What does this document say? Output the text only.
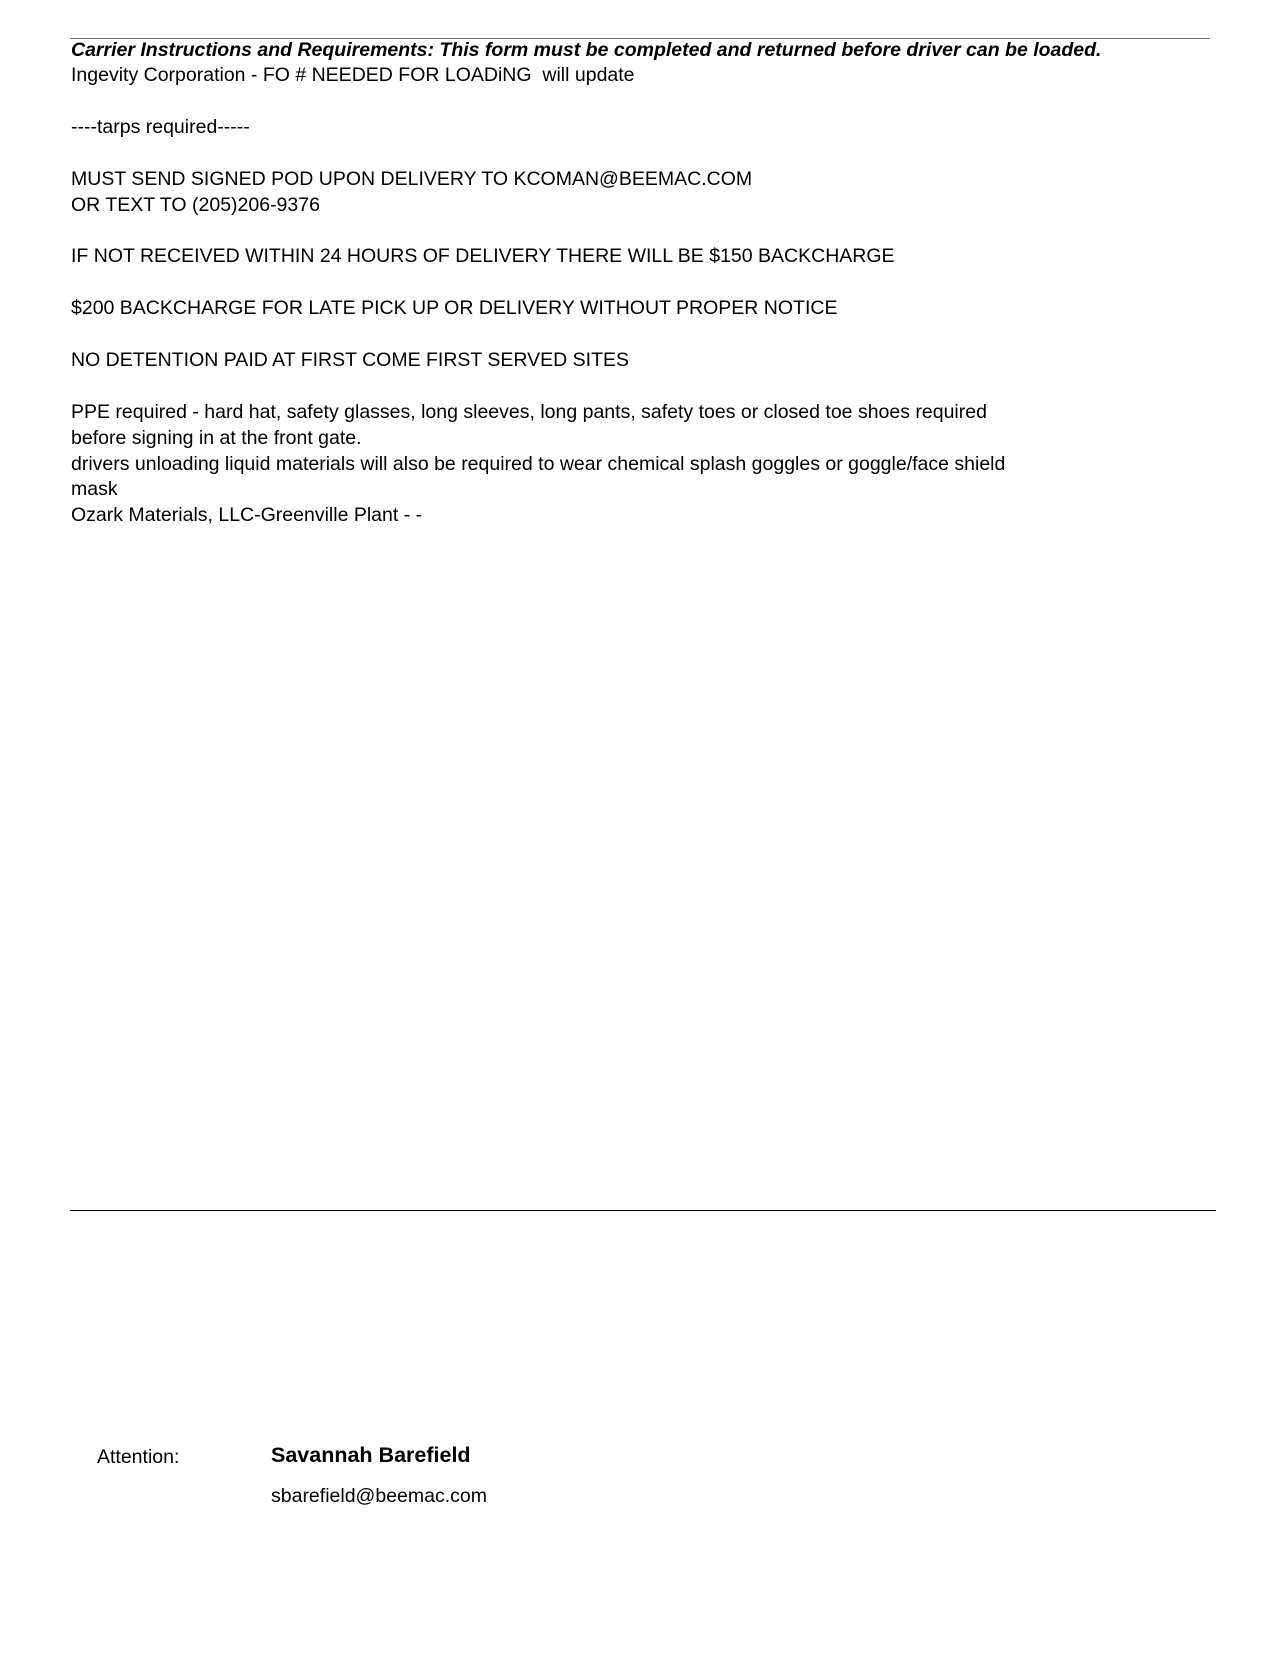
Carrier Instructions and Requirements: This form must be completed and returned before driver can be loaded.
Ingevity Corporation - FO # NEEDED FOR LOADiNG  will update
----tarps required-----
MUST SEND SIGNED POD UPON DELIVERY TO KCOMAN@BEEMAC.COM
OR TEXT TO (205)206-9376
IF NOT RECEIVED WITHIN 24 HOURS OF DELIVERY THERE WILL BE $150 BACKCHARGE
$200 BACKCHARGE FOR LATE PICK UP OR DELIVERY WITHOUT PROPER NOTICE
NO DETENTION PAID AT FIRST COME FIRST SERVED SITES
PPE required - hard hat, safety glasses, long sleeves, long pants, safety toes or closed toe shoes required
before signing in at the front gate.
drivers unloading liquid materials will also be required to wear chemical splash goggles or goggle/face shield
mask
Ozark Materials, LLC-Greenville Plant - -
Attention:	Savannah Barefield
sbarefield@beemac.com
